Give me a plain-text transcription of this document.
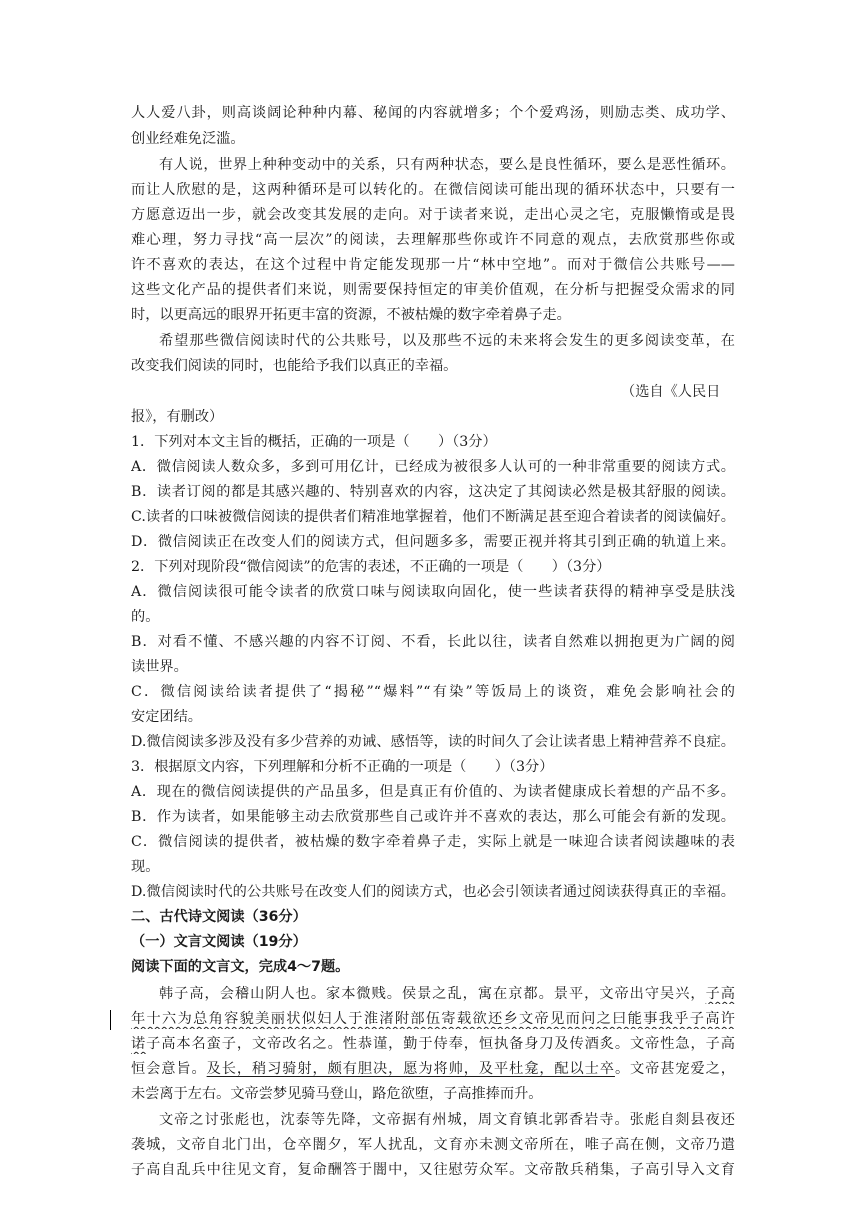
人人爱八卦，则高谈阔论种种内幕、秘闻的内容就增多；个个爱鸡汤，则励志类、成功学、
创业经难免泛滥。
有人说，世界上种种变动中的关系，只有两种状态，要么是良性循环，要么是恶性循环。
而让人欣慰的是，这两种循环是可以转化的。在微信阅读可能出现的循环状态中，只要有一
方愿意迈出一步，就会改变其发展的走向。对于读者来说，走出心灵之宅，克服懒惰或是畏
难心理，努力寻找“高一层次”的阅读，去理解那些你或许不同意的观点，去欣赏那些你或
许不喜欢的表达，在这个过程中肯定能发现那一片“林中空地”。而对于微信公共账号——
这些文化产品的提供者们来说，则需要保持恒定的审美价值观，在分析与把握受众需求的同
时，以更高远的眼界开拓更丰富的资源，不被枯燥的数字牵着鼻子走。
希望那些微信阅读时代的公共账号，以及那些不远的未来将会发生的更多阅读变革，在
改变我们阅读的同时，也能给予我们以真正的幸福。
（选自《人民日
报》，有删改）
1．下列对本文主旨的概括，正确的一项是（　　）（3分）
A．微信阅读人数众多，多到可用亿计，已经成为被很多人认可的一种非常重要的阅读方式。
B．读者订阅的都是其感兴趣的、特别喜欢的内容，这决定了其阅读必然是极其舒服的阅读。
C.读者的口味被微信阅读的提供者们精准地掌握着，他们不断满足甚至迎合着读者的阅读偏好。
D．微信阅读正在改变人们的阅读方式，但问题多多，需要正视并将其引到正确的轨道上来。
2．下列对现阶段“微信阅读”的危害的表述，不正确的一项是（　　）（3分）
A．微信阅读很可能令读者的欣赏口味与阅读取向固化，使一些读者获得的精神享受是肤浅
的。
B．对看不懂、不感兴趣的内容不订阅、不看，长此以往，读者自然难以拥抱更为广阔的阅
读世界。
C．微信阅读给读者提供了“揭秘”“爆料”“有染”等饭局上的谈资，难免会影响社会的
安定团结。
D.微信阅读多涉及没有多少营养的劝诫、感悟等，读的时间久了会让读者患上精神营养不良症。
3．根据原文内容，下列理解和分析不正确的一项是（　　）（3分）
A．现在的微信阅读提供的产品虽多，但是真正有价值的、为读者健康成长着想的产品不多。
B．作为读者，如果能够主动去欣赏那些自己或许并不喜欢的表达，那么可能会有新的发现。
C．微信阅读的提供者，被枯燥的数字牵着鼻子走，实际上就是一味迎合读者阅读趣味的表
现。
D.微信阅读时代的公共账号在改变人们的阅读方式，也必会引领读者通过阅读获得真正的幸福。
二、古代诗文阅读（36分）
（一）文言文阅读（19分）
阅读下面的文言文，完成4～7题。
韩子高，会稽山阴人也。家本微贱。侯景之乱，寓在京都。景平，文帝出守吴兴，子高
年十六为总角容貌美丽状似妇人于淮渚附部伍寄载欲还乡文帝见而问之曰能事我乎子高许
诺子高本名蛮子，文帝改名之。性恭谨，勤于侍奉，恒执备身刀及传酒炙。文帝性急，子高
恒会意旨。及长，稍习骑射，颇有胆决，愿为将帅，及平杜龛，配以士卒。文帝甚宠爱之，
未尝离于左右。文帝尝梦见骑马登山，路危欲堕，子高推捧而升。
文帝之讨张彪也，沈泰等先降，文帝据有州城，周文育镇北郭香岩寺。张彪自剡县夜还
袭城，文帝自北门出，仓卒闇夕，军人扰乱，文育亦未测文帝所在，唯子高在侧，文帝乃遣
子高自乱兵中往见文育，复命酬答于闇中，又往慰劳众军。文帝散兵稍集，子高引导入文育
